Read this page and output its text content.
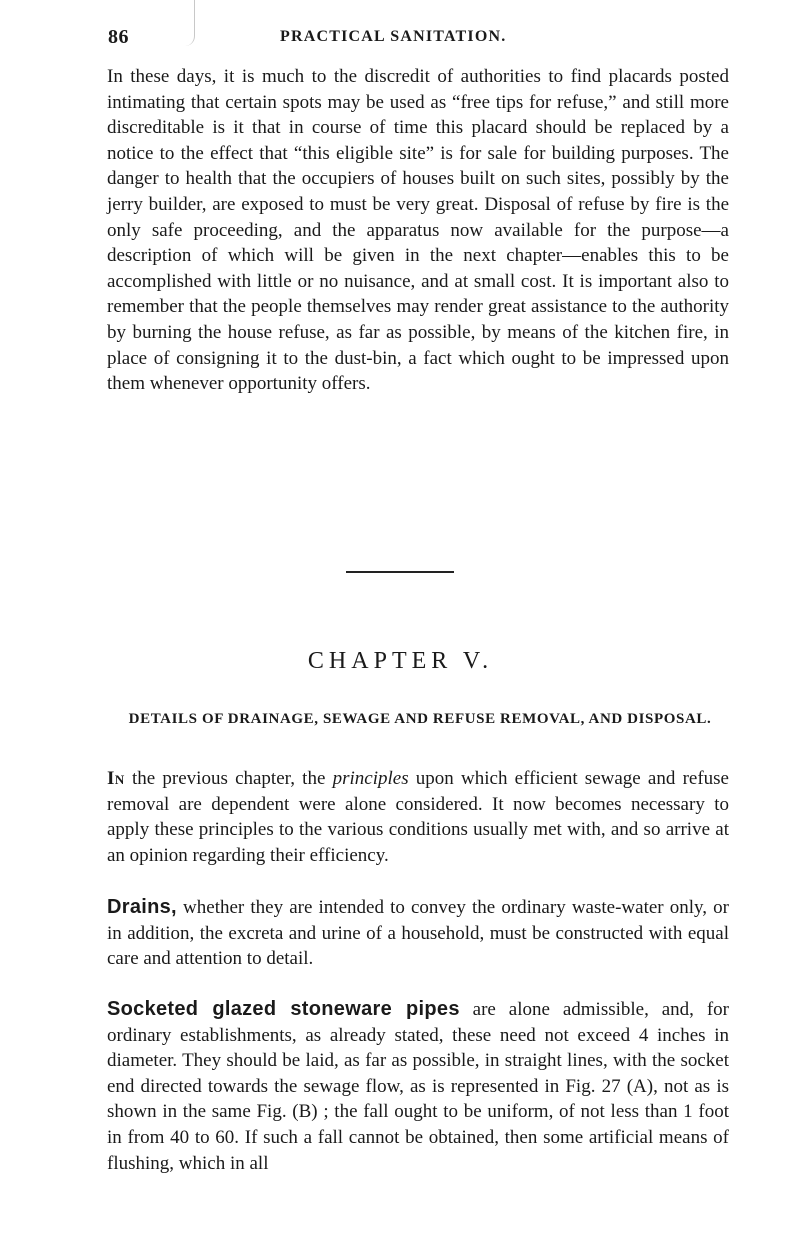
86	PRACTICAL SANITATION.

In these days, it is much to the discredit of authorities to find placards posted intimating that certain spots may be used as “free tips for refuse,” and still more discreditable is it that in course of time this placard should be replaced by a notice to the effect that “this eligible site” is for sale for building purposes. The danger to health that the occupiers of houses built on such sites, possibly by the jerry builder, are exposed to must be very great. Disposal of refuse by fire is the only safe proceeding, and the apparatus now available for the purpose—a description of which will be given in the next chapter—enables this to be accomplished with little or no nuisance, and at small cost. It is important also to remember that the people themselves may render great assistance to the authority by burning the house refuse, as far as possible, by means of the kitchen fire, in place of consigning it to the dust-bin, a fact which ought to be impressed upon them whenever opportunity offers.

CHAPTER V.

DETAILS OF DRAINAGE, SEWAGE AND REFUSE REMOVAL, AND DISPOSAL.

In the previous chapter, the principles upon which efficient sewage and refuse removal are dependent were alone considered. It now becomes necessary to apply these principles to the various conditions usually met with, and so arrive at an opinion regarding their efficiency.

Drains, whether they are intended to convey the ordinary waste-water only, or in addition, the excreta and urine of a household, must be constructed with equal care and attention to detail.

Socketed glazed stoneware pipes are alone admissible, and, for ordinary establishments, as already stated, these need not exceed 4 inches in diameter. They should be laid, as far as possible, in straight lines, with the socket end directed towards the sewage flow, as is represented in Fig. 27 (A), not as is shown in the same Fig. (B) ; the fall ought to be uniform, of not less than 1 foot in from 40 to 60. If such a fall cannot be obtained, then some artificial means of flushing, which in all
